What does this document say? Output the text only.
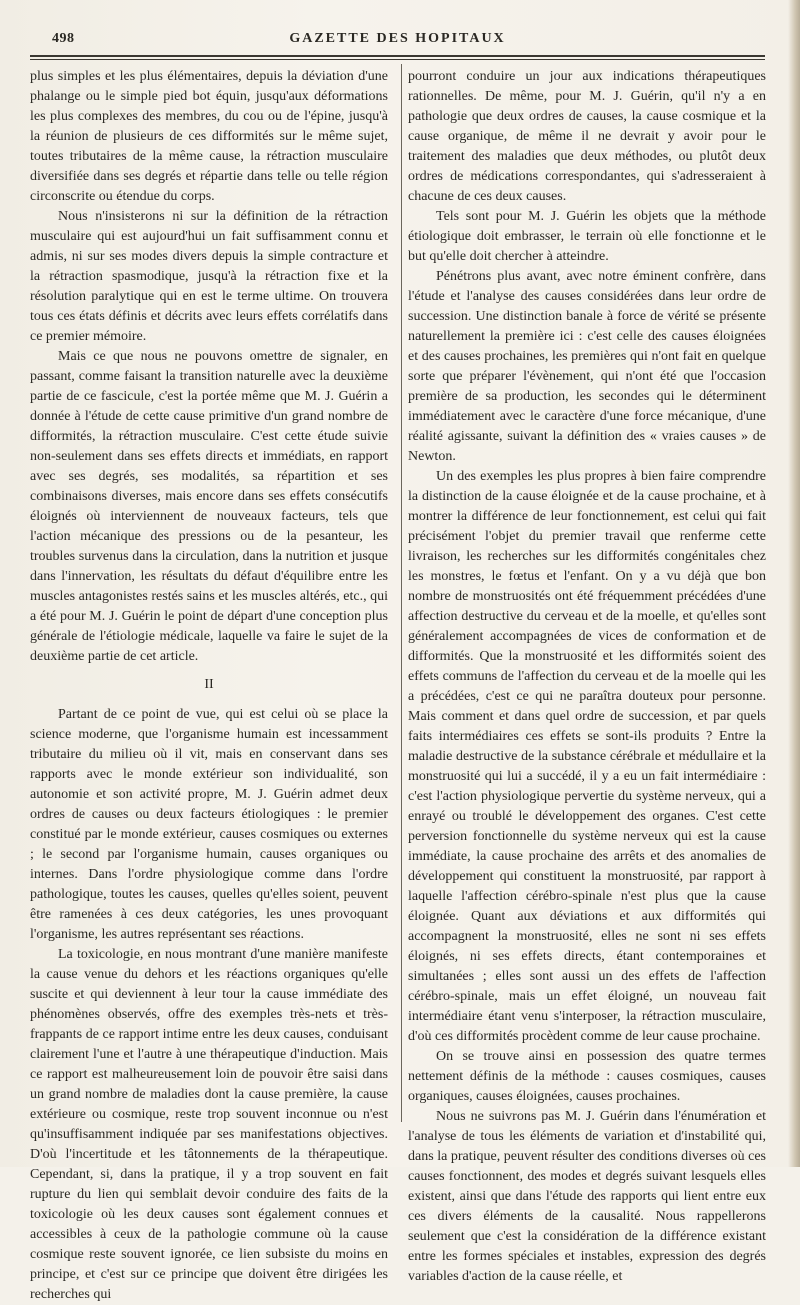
498	GAZETTE DES HOPITAUX

plus simples et les plus élémentaires, depuis la déviation d'une phalange ou le simple pied bot équin, jusqu'aux déformations les plus complexes des membres, du cou ou de l'épine, jusqu'à la réunion de plusieurs de ces difformités sur le même sujet, toutes tributaires de la même cause, la rétraction musculaire diversifiée dans ses degrés et répartie dans telle ou telle région circonscrite ou étendue du corps.

Nous n'insisterons ni sur la définition de la rétraction musculaire qui est aujourd'hui un fait suffisamment connu et admis, ni sur ses modes divers depuis la simple contracture et la rétraction spasmodique, jusqu'à la rétraction fixe et la résolution paralytique qui en est le terme ultime. On trouvera tous ces états définis et décrits avec leurs effets corrélatifs dans ce premier mémoire.

Mais ce que nous ne pouvons omettre de signaler, en passant, comme faisant la transition naturelle avec la deuxième partie de ce fascicule, c'est la portée même que M. J. Guérin a donnée à l'étude de cette cause primitive d'un grand nombre de difformités, la rétraction musculaire. C'est cette étude suivie non-seulement dans ses effets directs et immédiats, en rapport avec ses degrés, ses modalités, sa répartition et ses combinaisons diverses, mais encore dans ses effets consécutifs éloignés où interviennent de nouveaux facteurs, tels que l'action mécanique des pressions ou de la pesanteur, les troubles survenus dans la circulation, dans la nutrition et jusque dans l'innervation, les résultats du défaut d'équilibre entre les muscles antagonistes restés sains et les muscles altérés, etc., qui a été pour M. J. Guérin le point de départ d'une conception plus générale de l'étiologie médicale, laquelle va faire le sujet de la deuxième partie de cet article.

II

Partant de ce point de vue, qui est celui où se place la science moderne, que l'organisme humain est incessamment tributaire du milieu où il vit, mais en conservant dans ses rapports avec le monde extérieur son individualité, son autonomie et son activité propre, M. J. Guérin admet deux ordres de causes ou deux facteurs étiologiques : le premier constitué par le monde extérieur, causes cosmiques ou externes ; le second par l'organisme humain, causes organiques ou internes. Dans l'ordre physiologique comme dans l'ordre pathologique, toutes les causes, quelles qu'elles soient, peuvent être ramenées à ces deux catégories, les unes provoquant l'organisme, les autres représentant ses réactions.

La toxicologie, en nous montrant d'une manière manifeste la cause venue du dehors et les réactions organiques qu'elle suscite et qui deviennent à leur tour la cause immédiate des phénomènes observés, offre des exemples très-nets et très-frappants de ce rapport intime entre les deux causes, conduisant clairement l'une et l'autre à une thérapeutique d'induction. Mais ce rapport est malheureusement loin de pouvoir être saisi dans un grand nombre de maladies dont la cause première, la cause extérieure ou cosmique, reste trop souvent inconnue ou n'est qu'insuffisamment indiquée par ses manifestations objectives. D'où l'incertitude et les tâtonnements de la thérapeutique. Cependant, si, dans la pratique, il y a trop souvent en fait rupture du lien qui semblait devoir conduire des faits de la toxicologie où les deux causes sont également connues et accessibles à ceux de la pathologie commune où la cause cosmique reste souvent ignorée, ce lien subsiste du moins en principe, et c'est sur ce principe que doivent être dirigées les recherches qui

pourront conduire un jour aux indications thérapeutiques rationnelles. De même, pour M. J. Guérin, qu'il n'y a en pathologie que deux ordres de causes, la cause cosmique et la cause organique, de même il ne devrait y avoir pour le traitement des maladies que deux méthodes, ou plutôt deux ordres de médications correspondantes, qui s'adresseraient à chacune de ces deux causes.

Tels sont pour M. J. Guérin les objets que la méthode étiologique doit embrasser, le terrain où elle fonctionne et le but qu'elle doit chercher à atteindre.

Pénétrons plus avant, avec notre éminent confrère, dans l'étude et l'analyse des causes considérées dans leur ordre de succession. Une distinction banale à force de vérité se présente naturellement la première ici : c'est celle des causes éloignées et des causes prochaines, les premières qui n'ont fait en quelque sorte que préparer l'évènement, qui n'ont été que l'occasion première de sa production, les secondes qui le déterminent immédiatement avec le caractère d'une force mécanique, d'une réalité agissante, suivant la définition des « vraies causes » de Newton.

Un des exemples les plus propres à bien faire comprendre la distinction de la cause éloignée et de la cause prochaine, et à montrer la différence de leur fonctionnement, est celui qui fait précisément l'objet du premier travail que renferme cette livraison, les recherches sur les difformités congénitales chez les monstres, le fœtus et l'enfant. On y a vu déjà que bon nombre de monstruosités ont été fréquemment précédées d'une affection destructive du cerveau et de la moelle, et qu'elles sont généralement accompagnées de vices de conformation et de difformités. Que la monstruosité et les difformités soient des effets communs de l'affection du cerveau et de la moelle qui les a précédées, c'est ce qui ne paraîtra douteux pour personne. Mais comment et dans quel ordre de succession, et par quels faits intermédiaires ces effets se sont-ils produits ? Entre la maladie destructive de la substance cérébrale et médullaire et la monstruosité qui lui a succédé, il y a eu un fait intermédiaire : c'est l'action physiologique pervertie du système nerveux, qui a enrayé ou troublé le développement des organes. C'est cette perversion fonctionnelle du système nerveux qui est la cause immédiate, la cause prochaine des arrêts et des anomalies de développement qui constituent la monstruosité, par rapport à laquelle l'affection cérébro-spinale n'est plus que la cause éloignée. Quant aux déviations et aux difformités qui accompagnent la monstruosité, elles ne sont ni ses effets éloignés, ni ses effets directs, étant contemporaines et simultanées ; elles sont aussi un des effets de l'affection cérébro-spinale, mais un effet éloigné, un nouveau fait intermédiaire étant venu s'interposer, la rétraction musculaire, d'où ces difformités procèdent comme de leur cause prochaine.

On se trouve ainsi en possession des quatre termes nettement définis de la méthode : causes cosmiques, causes organiques, causes éloignées, causes prochaines.

Nous ne suivrons pas M. J. Guérin dans l'énumération et l'analyse de tous les éléments de variation et d'instabilité qui, dans la pratique, peuvent résulter des conditions diverses où ces causes fonctionnent, des modes et degrés suivant lesquels elles existent, ainsi que dans l'étude des rapports qui lient entre eux ces divers éléments de la causalité. Nous rappellerons seulement que c'est la considération de la différence existant entre les formes spéciales et instables, expression des degrés variables d'action de la cause réelle, et
